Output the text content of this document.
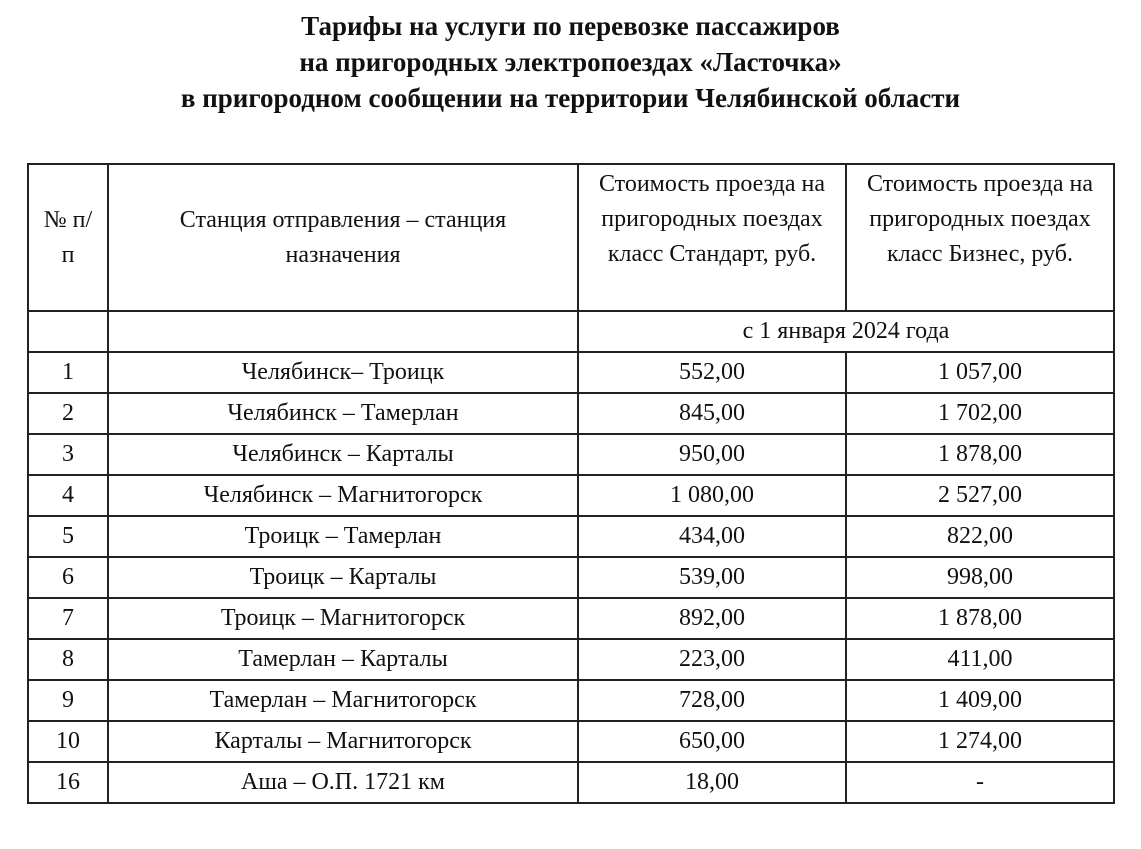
Тарифы на услуги по перевозке пассажиров
на пригородных электропоездах «Ласточка»
в пригородном сообщении на территории Челябинской области
№ п/п	Станция отправления – станция назначения	Стоимость проезда на пригородных поездах класс Стандарт, руб.	Стоимость проезда на пригородных поездах класс Бизнес, руб.
		с 1 января 2024 года	
1	Челябинск– Троицк	552,00	1 057,00
2	Челябинск – Тамерлан	845,00	1 702,00
3	Челябинск – Карталы	950,00	1 878,00
4	Челябинск – Магнитогорск	1 080,00	2 527,00
5	Троицк – Тамерлан	434,00	822,00
6	Троицк – Карталы	539,00	998,00
7	Троицк – Магнитогорск	892,00	1 878,00
8	Тамерлан – Карталы	223,00	411,00
9	Тамерлан – Магнитогорск	728,00	1 409,00
10	Карталы – Магнитогорск	650,00	1 274,00
16	Аша – О.П. 1721 км	18,00	-
